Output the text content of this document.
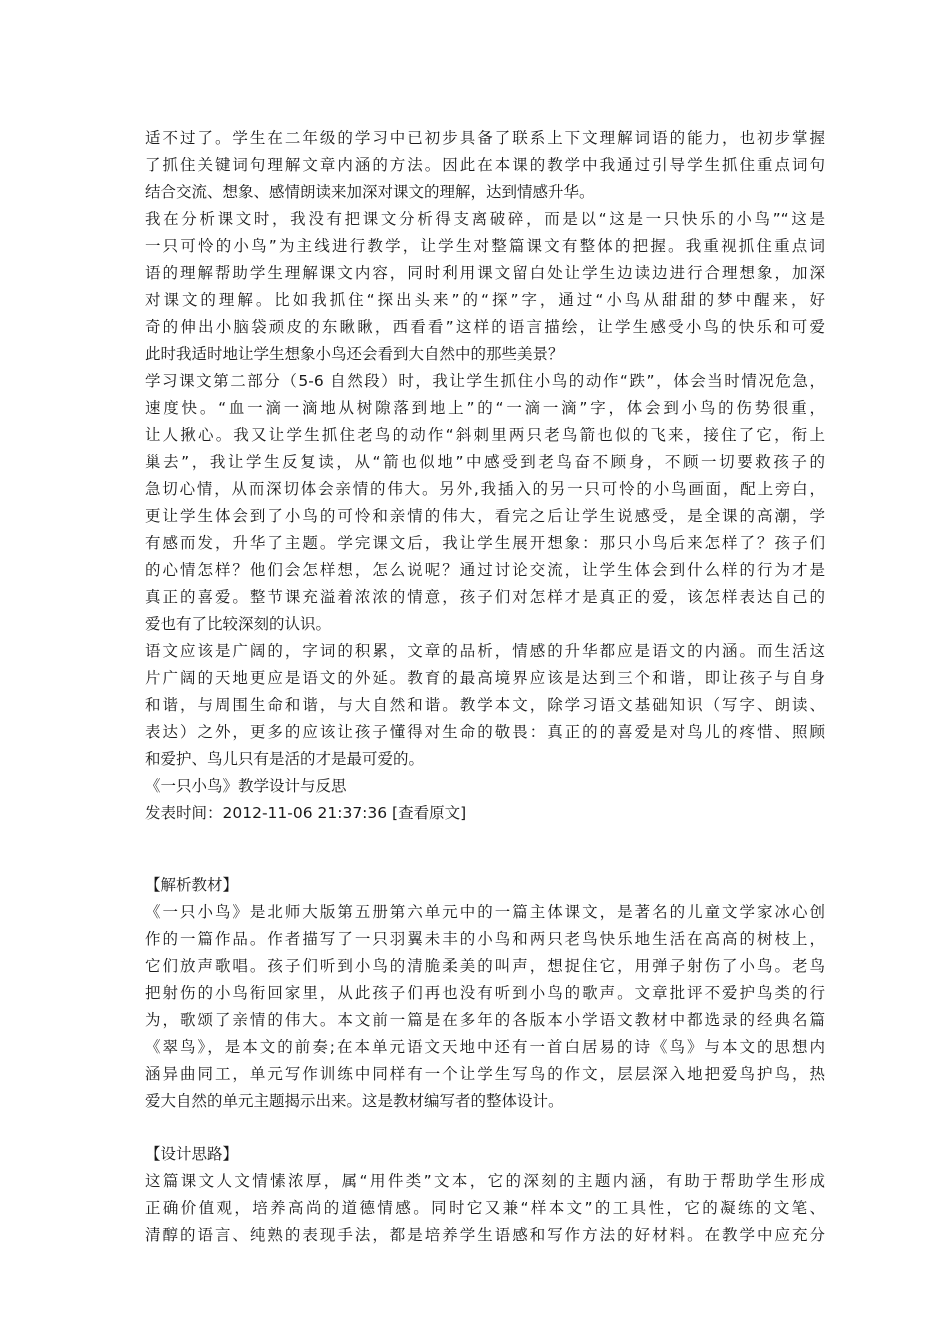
适不过了。学生在二年级的学习中已初步具备了联系上下文理解词语的能力，也初步掌握
了抓住关键词句理解文章内涵的方法。因此在本课的教学中我通过引导学生抓住重点词句
结合交流、想象、感情朗读来加深对课文的理解，达到情感升华。
我在分析课文时，我没有把课文分析得支离破碎，而是以“这是一只快乐的小鸟”“这是
一只可怜的小鸟”为主线进行教学，让学生对整篇课文有整体的把握。我重视抓住重点词
语的理解帮助学生理解课文内容，同时利用课文留白处让学生边读边进行合理想象，加深
对课文的理解。比如我抓住“探出头来”的“探”字，通过“小鸟从甜甜的梦中醒来，好
奇的伸出小脑袋顽皮的东瞅瞅，西看看”这样的语言描绘，让学生感受小鸟的快乐和可爱
此时我适时地让学生想象小鸟还会看到大自然中的那些美景？
学习课文第二部分（5-6 自然段）时，我让学生抓住小鸟的动作“跌”，体会当时情况危急，
速度快。“血一滴一滴地从树隙落到地上”的“一滴一滴”字，体会到小鸟的伤势很重，
让人揪心。我又让学生抓住老鸟的动作“斜刺里两只老鸟箭也似的飞来，接住了它，衔上
巢去”，我让学生反复读，从“箭也似地”中感受到老鸟奋不顾身，不顾一切要救孩子的
急切心情，从而深切体会亲情的伟大。另外,我插入的另一只可怜的小鸟画面，配上旁白，
更让学生体会到了小鸟的可怜和亲情的伟大，看完之后让学生说感受，是全课的高潮，学
有感而发，升华了主题。学完课文后，我让学生展开想象：那只小鸟后来怎样了？孩子们
的心情怎样？他们会怎样想，怎么说呢？通过讨论交流，让学生体会到什么样的行为才是
真正的喜爱。整节课充溢着浓浓的情意，孩子们对怎样才是真正的爱，该怎样表达自己的
爱也有了比较深刻的认识。
语文应该是广阔的，字词的积累，文章的品析，情感的升华都应是语文的内涵。而生活这
片广阔的天地更应是语文的外延。教育的最高境界应该是达到三个和谐，即让孩子与自身
和谐，与周围生命和谐，与大自然和谐。教学本文，除学习语文基础知识（写字、朗读、
表达）之外，更多的应该让孩子懂得对生命的敬畏：真正的的喜爱是对鸟儿的疼惜、照顾
和爱护、鸟儿只有是活的才是最可爱的。
《一只小鸟》教学设计与反思
发表时间：2012-11-06 21:37:36 [查看原文]
【解析教材】
《一只小鸟》是北师大版第五册第六单元中的一篇主体课文，是著名的儿童文学家冰心创
作的一篇作品。作者描写了一只羽翼未丰的小鸟和两只老鸟快乐地生活在高高的树枝上，
它们放声歌唱。孩子们听到小鸟的清脆柔美的叫声，想捉住它，用弹子射伤了小鸟。老鸟
把射伤的小鸟衔回家里，从此孩子们再也没有听到小鸟的歌声。文章批评不爱护鸟类的行
为，歌颂了亲情的伟大。本文前一篇是在多年的各版本小学语文教材中都选录的经典名篇
《翠鸟》，是本文的前奏;在本单元语文天地中还有一首白居易的诗《鸟》与本文的思想内
涵异曲同工，单元写作训练中同样有一个让学生写鸟的作文，层层深入地把爱鸟护鸟，热
爱大自然的单元主题揭示出来。这是教材编写者的整体设计。
【设计思路】
这篇课文人文情愫浓厚，属“用件类”文本，它的深刻的主题内涵，有助于帮助学生形成
正确价值观，培养高尚的道德情感。同时它又兼“样本文”的工具性，它的凝练的文笔、
清醇的语言、纯熟的表现手法，都是培养学生语感和写作方法的好材料。在教学中应充分
